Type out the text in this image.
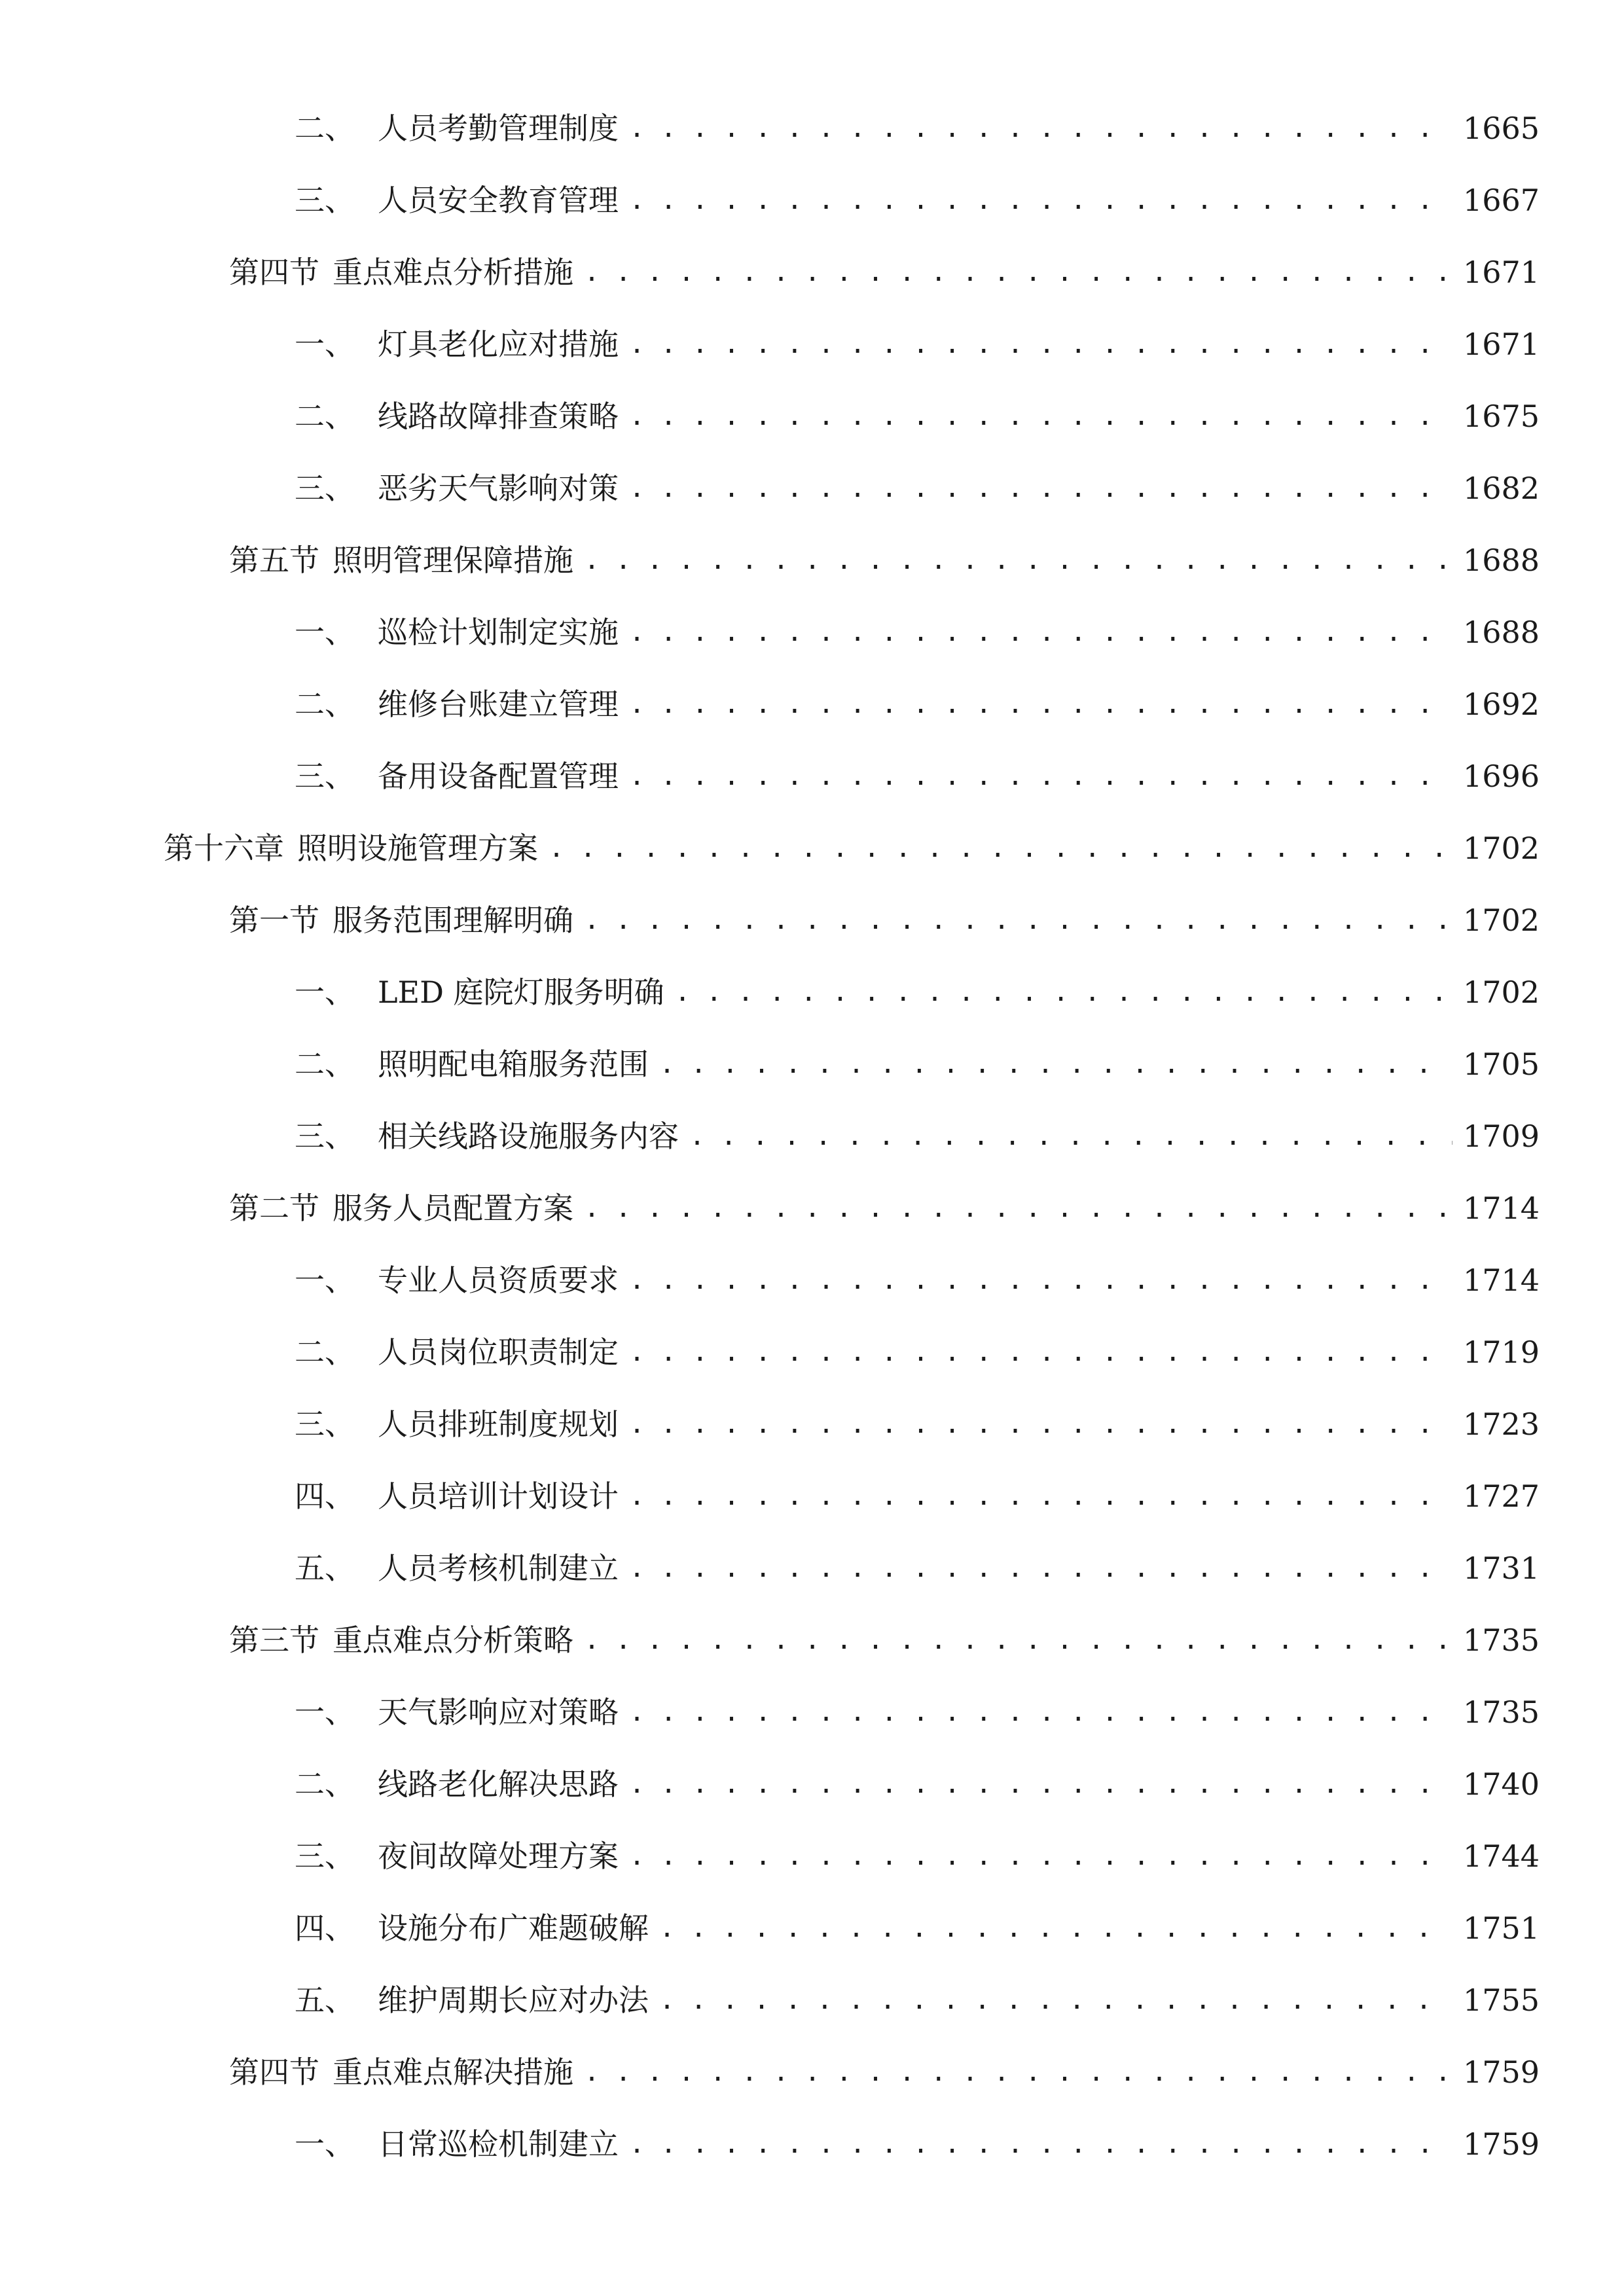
二、 人员考勤管理制度 . . .	1665
三、 人员安全教育管理 . . .	1667
第四节 重点难点分析措施 . . .	1671
一、 灯具老化应对措施 . . .	1671
二、 线路故障排查策略 . . .	1675
三、 恶劣天气影响对策 . . .	1682
第五节 照明管理保障措施 . . .	1688
一、 巡检计划制定实施 . . .	1688
二、 维修台账建立管理 . . .	1692
三、 备用设备配置管理 . . .	1696
第十六章 照明设施管理方案 . . .	1702
第一节 服务范围理解明确 . . .	1702
一、 LED 庭院灯服务明确 . . .	1702
二、 照明配电箱服务范围 . . .	1705
三、 相关线路设施服务内容 . . .	1709
第二节 服务人员配置方案 . . .	1714
一、 专业人员资质要求 . . .	1714
二、 人员岗位职责制定 . . .	1719
三、 人员排班制度规划 . . .	1723
四、 人员培训计划设计 . . .	1727
五、 人员考核机制建立 . . .	1731
第三节 重点难点分析策略 . . .	1735
一、 天气影响应对策略 . . .	1735
二、 线路老化解决思路 . . .	1740
三、 夜间故障处理方案 . . .	1744
四、 设施分布广难题破解 . . .	1751
五、 维护周期长应对办法 . . .	1755
第四节 重点难点解决措施 . . .	1759
一、 日常巡检机制建立 . . .	1759
